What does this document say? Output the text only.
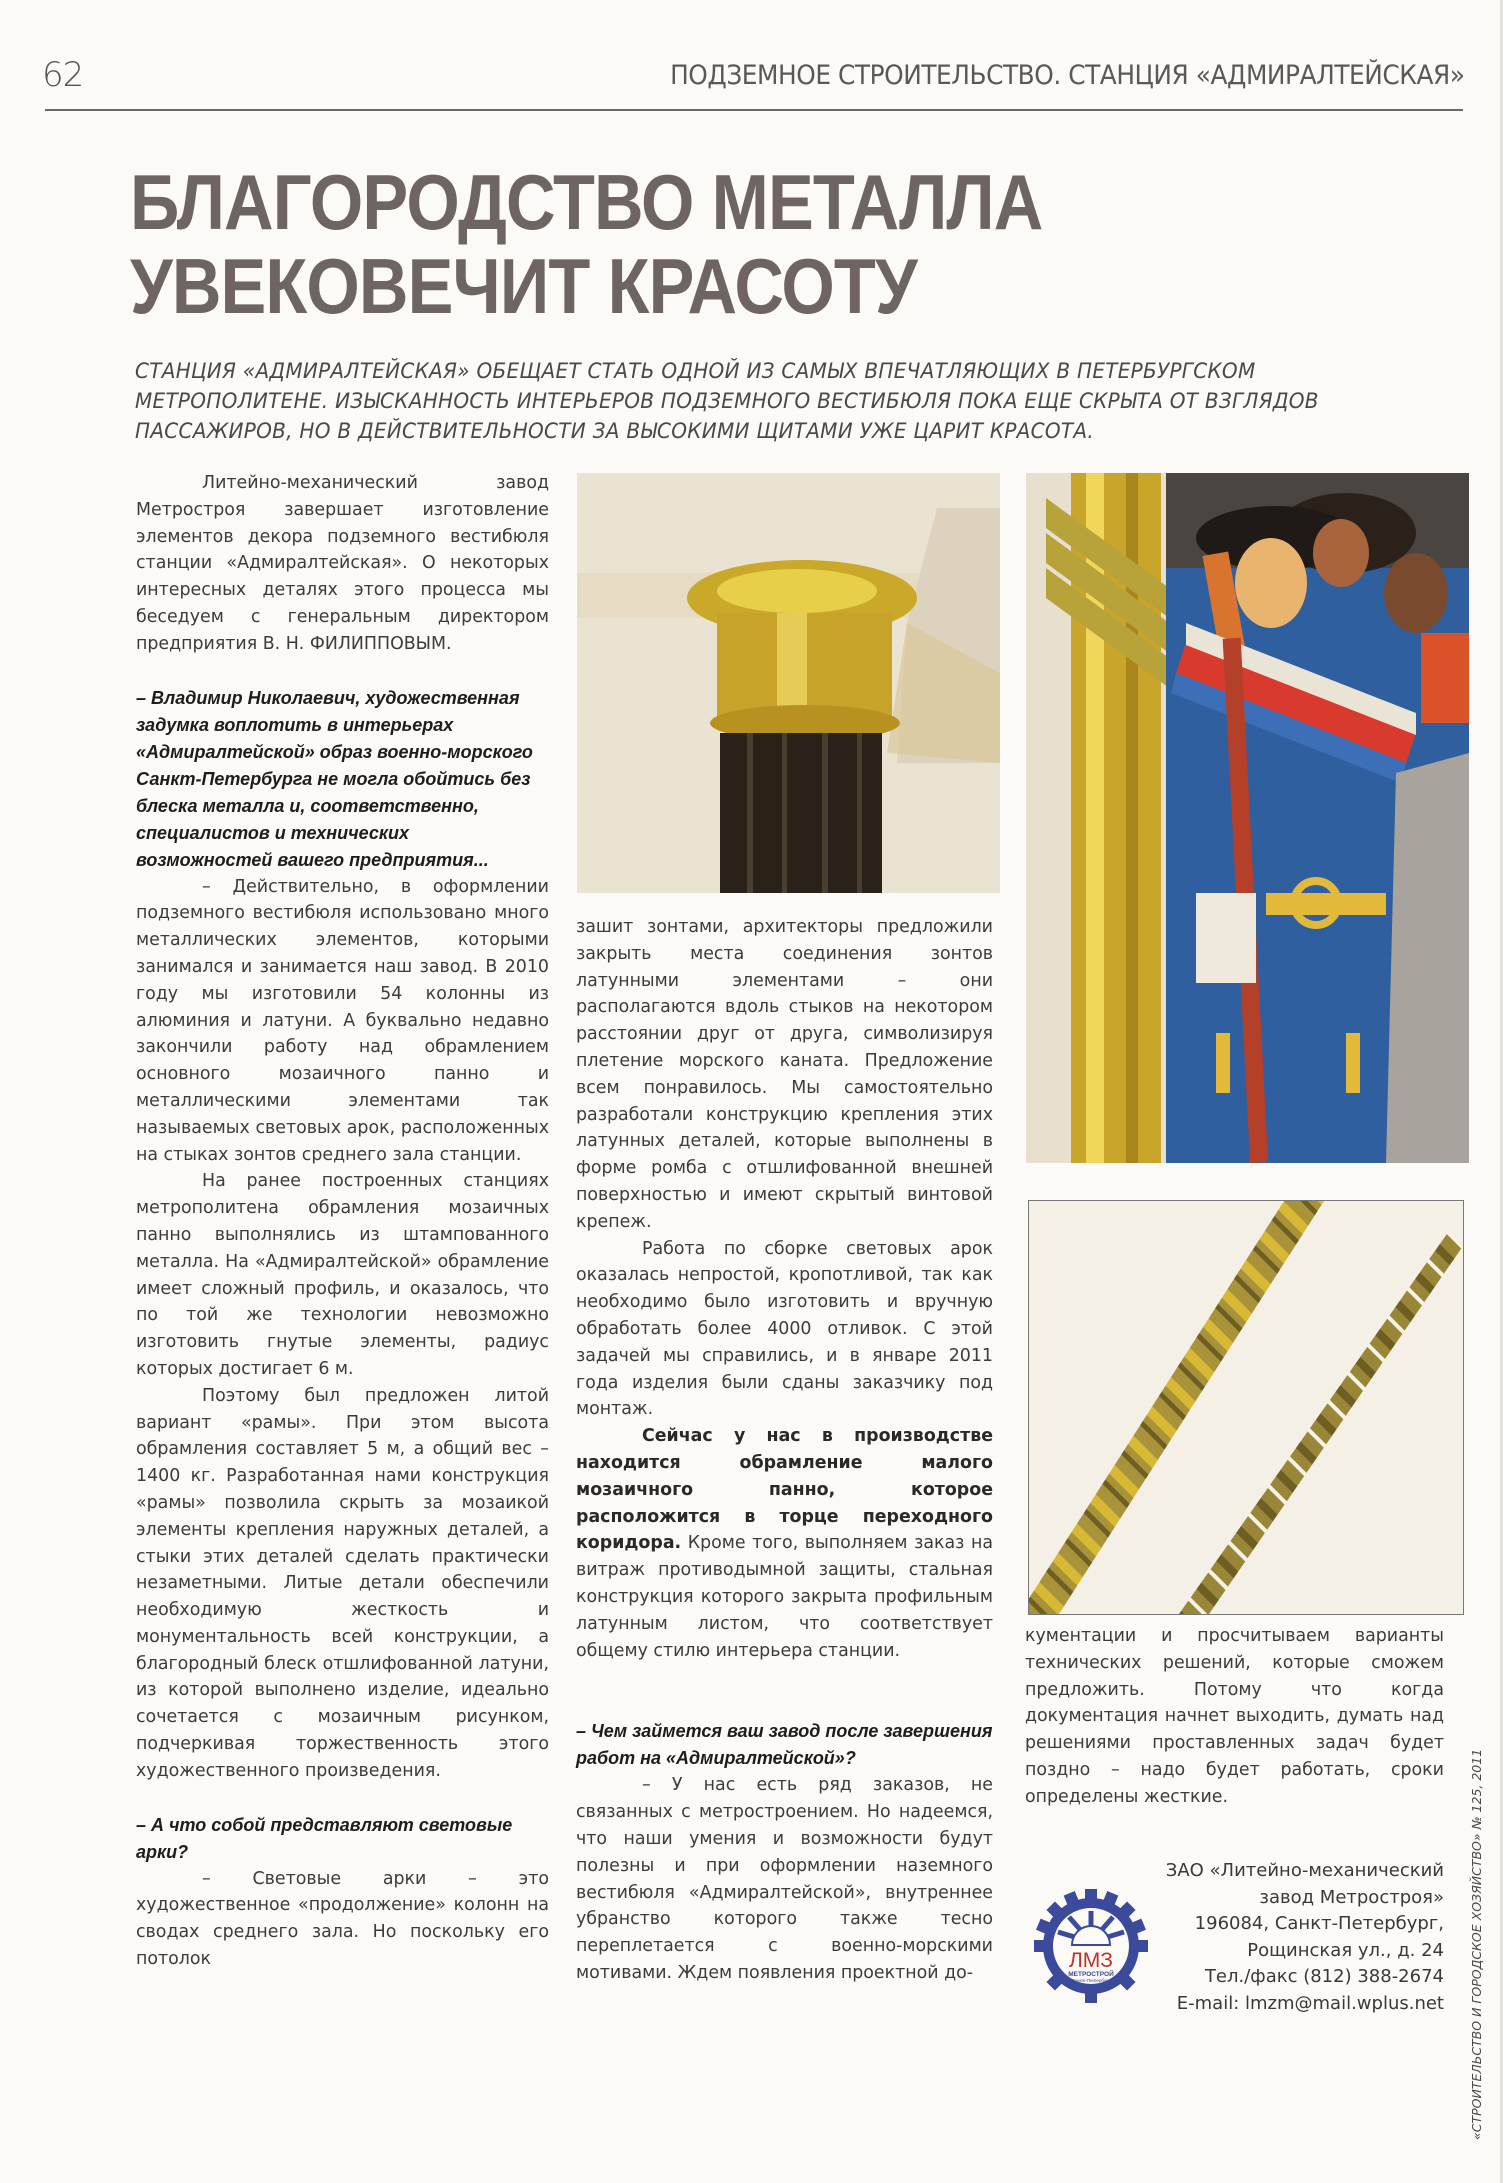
62	ПОДЗЕМНОЕ СТРОИТЕЛЬСТВО. СТАНЦИЯ «АДМИРАЛТЕЙСКАЯ»
БЛАГОРОДСТВО МЕТАЛЛА
УВЕКОВЕЧИТ КРАСОТУ
СТАНЦИЯ «АДМИРАЛТЕЙСКАЯ» ОБЕЩАЕТ СТАТЬ ОДНОЙ ИЗ САМЫХ ВПЕЧАТЛЯЮЩИХ В ПЕТЕРБУРГСКОМ МЕТРОПОЛИТЕНЕ. ИЗЫСКАННОСТЬ ИНТЕРЬЕРОВ ПОДЗЕМНОГО ВЕСТИБЮЛЯ ПОКА ЕЩЕ СКРЫТА ОТ ВЗГЛЯДОВ ПАССАЖИРОВ, НО В ДЕЙСТВИТЕЛЬНОСТИ ЗА ВЫСОКИМИ ЩИТАМИ УЖЕ ЦАРИТ КРАСОТА.

Литейно-механический завод Метростроя завершает изготовление элементов декора подземного вестибюля станции «Адмиралтейская». О некоторых интересных деталях этого процесса мы беседуем с генеральным директором предприятия В. Н. ФИЛИППОВЫМ.

– Владимир Николаевич, художественная задумка воплотить в интерьерах «Адмиралтейской» образ военно-морского Санкт-Петербурга не могла обойтись без блеска металла и, соответственно, специалистов и технических возможностей вашего предприятия...

– Действительно, в оформлении подземного вестибюля использовано много металлических элементов, которыми занимался и занимается наш завод. В 2010 году мы изготовили 54 колонны из алюминия и латуни. А буквально недавно закончили работу над обрамлением основного мозаичного панно и металлическими элементами так называемых световых арок, расположенных на стыках зонтов среднего зала станции.

На ранее построенных станциях метрополитена обрамления мозаичных панно выполнялись из штампованного металла. На «Адмиралтейской» обрамление имеет сложный профиль, и оказалось, что по той же технологии невозможно изготовить гнутые элементы, радиус которых достигает 6 м.

Поэтому был предложен литой вариант «рамы». При этом высота обрамления составляет 5 м, а общий вес – 1400 кг. Разработанная нами конструкция «рамы» позволила скрыть за мозаикой элементы крепления наружных деталей, а стыки этих деталей сделать практически незаметными. Литые детали обеспечили необходимую жесткость и монументальность всей конструкции, а благородный блеск отшлифованной латуни, из которой выполнено изделие, идеально сочетается с мозаичным рисунком, подчеркивая торжественность этого художественного произведения.

– А что собой представляют световые арки?

– Световые арки – это художественное «продолжение» колонн на сводах среднего зала. Но поскольку его потолок

зашит зонтами, архитекторы предложили закрыть места соединения зонтов латунными элементами – они располагаются вдоль стыков на некотором расстоянии друг от друга, символизируя плетение морского каната. Предложение всем понравилось. Мы самостоятельно разработали конструкцию крепления этих латунных деталей, которые выполнены в форме ромба с отшлифованной внешней поверхностью и имеют скрытый винтовой крепеж.

Работа по сборке световых арок оказалась непростой, кропотливой, так как необходимо было изготовить и вручную обработать более 4000 отливок. С этой задачей мы справились, и в январе 2011 года изделия были сданы заказчику под монтаж.

Сейчас у нас в производстве находится обрамление малого мозаичного панно, которое расположится в торце переходного коридора. Кроме того, выполняем заказ на витраж противодымной защиты, стальная конструкция которого закрыта профильным латунным листом, что соответствует общему стилю интерьера станции.

– Чем займется ваш завод после завершения работ на «Адмиралтейской»?

– У нас есть ряд заказов, не связанных с метростроением. Но надеемся, что наши умения и возможности будут полезны и при оформлении наземного вестибюля «Адмиралтейской», внутреннее убранство которого также тесно переплетается с военно-морскими мотивами. Ждем появления проектной до-

кументации и просчитываем варианты технических решений, которые сможем предложить. Потому что когда документация начнет выходить, думать над решениями проставленных задач будет поздно – надо будет работать, сроки определены жесткие.

ЛМЗ
МЕТРОСТРОЙ
Санкт-Петербург
ЗАО «Литейно-механический
завод Метростроя»
196084, Санкт-Петербург,
Рощинская ул., д. 24
Тел./факс (812) 388-2674
E-mail: lmzm@mail.wplus.net «СТРОИТЕЛЬСТВО И ГОРОДСКОЕ ХОЗЯЙСТВО» № 125, 2011
